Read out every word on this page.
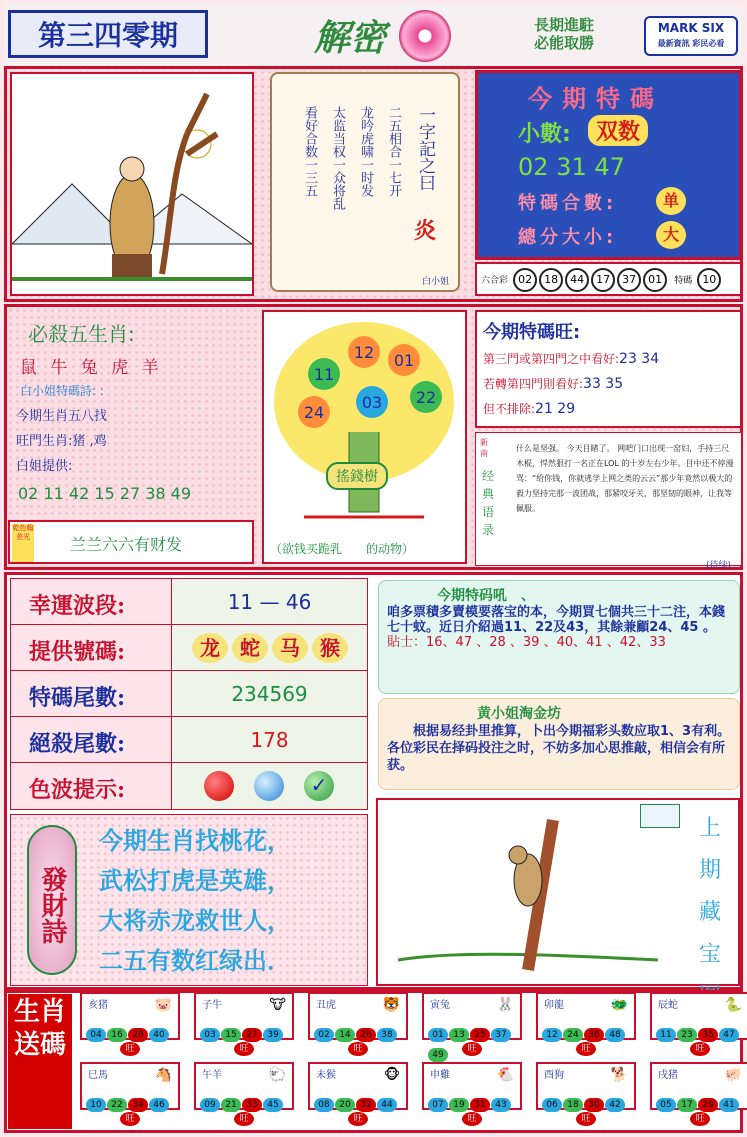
第三四零期	解密	長期進駐
必能取勝
MARK SIX
最新資訊 彩民必看
二五相合一七开
龙吟虎啸一时发
太监当权一众将乱
看好合数一三五	一字記之曰
炎
白小姐
今期特碼
小數:	双数
02 31 47
特碼合數:	单
總分大小:	大
六合彩 02 18 44 17 37 01 特碼 10
必殺五生肖:
鼠 牛 兔 虎 羊
白小姐特碼詩: :
今期生肖五八找
旺門生肖:猪 ,鸡
白姐提供:
02 11 42 15 27 38 49
乾色翰差光	兰兰六六有财发
12 01
11
03 22
24
搖錢樹
（欲钱买跪乳　　的动物）
今期特碼旺:
第三門或第四門之中看好:23 34
若轉第四門則看好:33 35
但不排除:21 29
新南
经典语录
什么是坚强。 今天目睹了。 网吧门口出现一窑妇，手持三尺木棍，悍然狠打一名正在LOL 的十岁左右少年。目中还不停漫骂：“给你钱，你就逃学上网之类的云云”那少年竟然以极大的毅力坚持完那一波团战，那紧咬牙关，那坚韧的眼神，让我等佩服。
(待续)
幸運波段:	11 — 46
提供號碼:	龙 蛇 马 猴
特碼尾數:	234569
絕殺尾數:	178
色波提示:	✓
今期特码吼　、
咱多票積多賣模要落宝的本，今期買七個共三十二注，本錢七十蚊。近日介紹過11、22及43，其餘兼顧24、45 。
貼士：16、47 、28 、39 、40、41 、42、33
黄小姐淘金坊
根据易经卦里推算，卜出今期福彩头数应取1、3有利。各位彩民在择码投注之时，不妨多加心思推敲，相信会有所获。
發財詩
今期生肖找桃花，
武松打虎是英雄，
大将赤龙救世人，
二五有数红绿出．
上期藏宝
生肖送碼
亥猪	🐷
04 16 28 40
旺
子牛	🐮
03 15 27 39
旺
丑虎	🐯
02 14 26 38
旺
寅兔	🐰
01 13 25 3749
旺
卯龍	🐲
12 24 36 48
旺
辰蛇	🐍
11 23 35 47
旺
巳馬	🐴
10 22 34 46
旺
午羊	🐑
09 21 33 45
旺
未猴	🐵
08 20 32 44
旺
申雞	🐔
07 19 31 43
旺
酉狗	🐕
06 18 30 42
旺
戌猪	🐖
05 17 29 41
旺
